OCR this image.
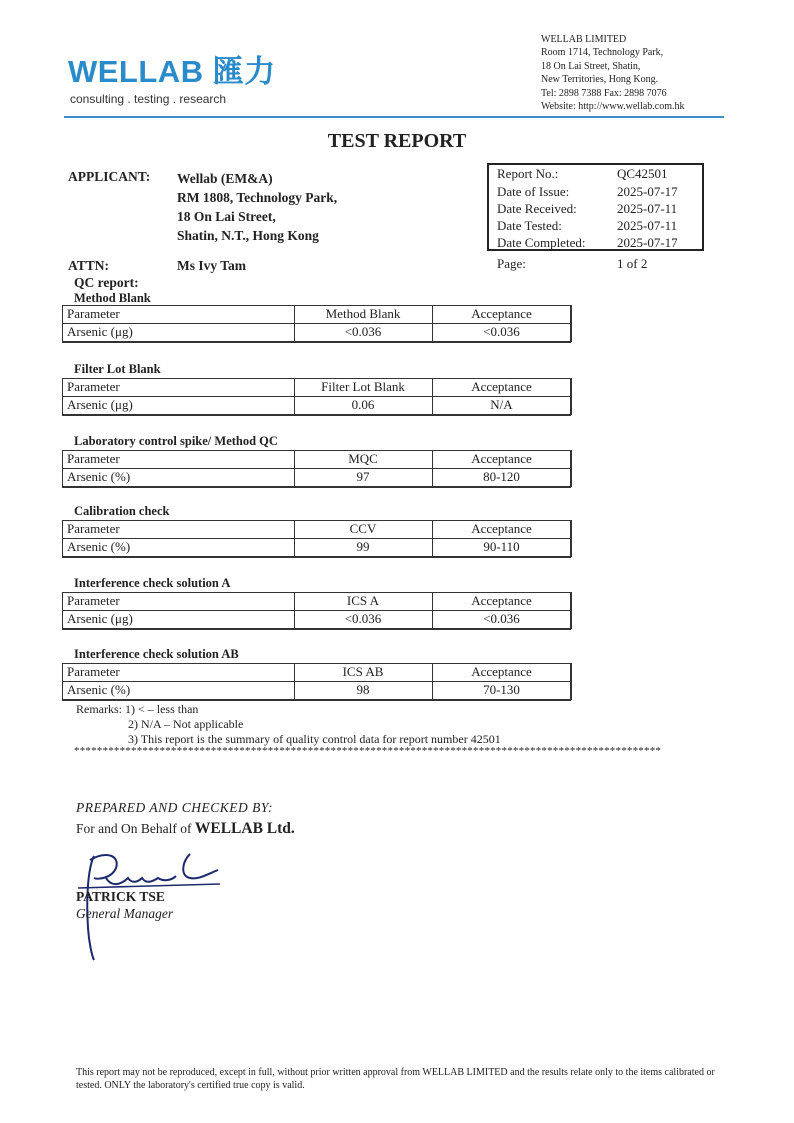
WELLAB 匯力
consulting . testing . research
WELLAB LIMITED
Room 1714, Technology Park,
18 On Lai Street, Shatin,
New Territories, Hong Kong.
Tel: 2898 7388 Fax: 2898 7076
Website: http://www.wellab.com.hk
TEST REPORT
APPLICANT: Wellab (EM&A)
RM 1808, Technology Park,
18 On Lai Street,
Shatin, N.T., Hong Kong
Report No.:	QC42501
Date of Issue:	2025-07-17
Date Received:	2025-07-11
Date Tested:	2025-07-11
Date Completed: 2025-07-17
Page:	1 of 2
ATTN:	Ms Ivy Tam
QC report:
Method Blank
Parameter	Method Blank	Acceptance
Arsenic (μg)	<0.036	<0.036
Filter Lot Blank
Parameter	Filter Lot Blank	Acceptance
Arsenic (μg)	0.06	N/A
Laboratory control spike/ Method QC
Parameter	MQC	Acceptance
Arsenic (%)	97	80-120
Calibration check
Parameter	CCV	Acceptance
Arsenic (%)	99	90-110
Interference check solution A
Parameter	ICS A	Acceptance
Arsenic (μg)	<0.036	<0.036
Interference check solution AB
Parameter	ICS AB	Acceptance
Arsenic (%)	98	70-130
Remarks: 1) < – less than
2) N/A – Not applicable
3) This report is the summary of quality control data for report number 42501
*******************************************************************************************************
PREPARED AND CHECKED BY:
For and On Behalf of WELLAB Ltd.
PATRICK TSE
General Manager
This report may not be reproduced, except in full, without prior written approval from WELLAB LIMITED and the results relate only to the items calibrated or tested. ONLY the laboratory's certified true copy is valid.
